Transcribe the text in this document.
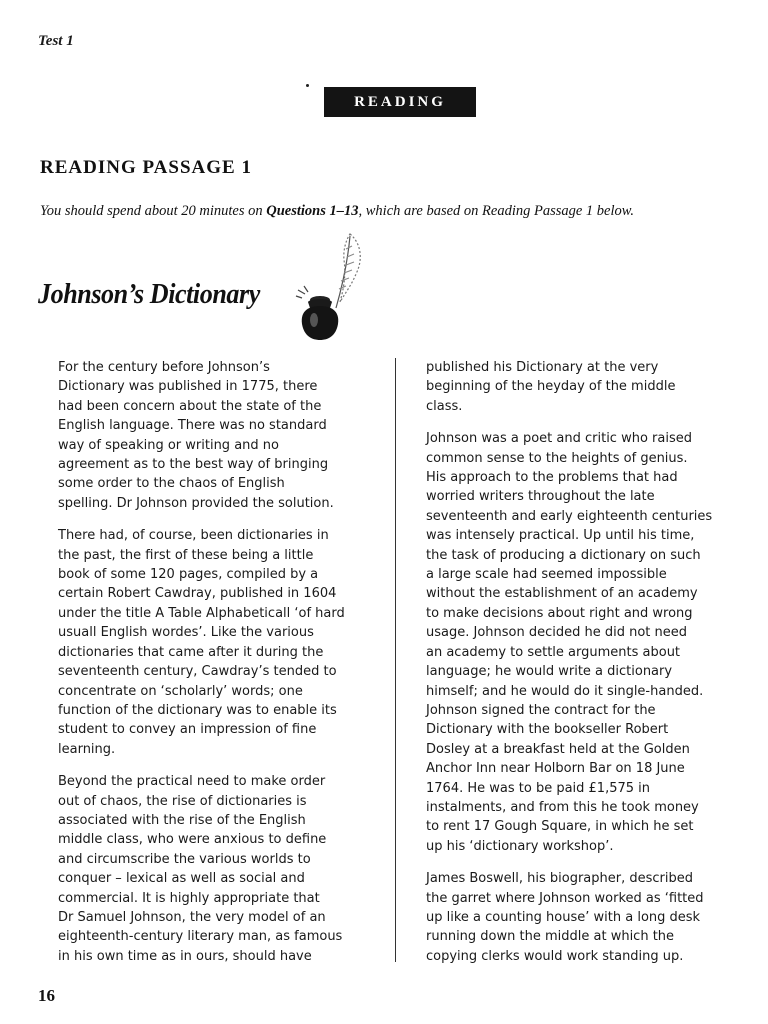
Test 1
READING
READING PASSAGE 1
You should spend about 20 minutes on Questions 1–13, which are based on Reading Passage 1 below.
Johnson’s Dictionary

For the century before Johnson’s
Dictionary was published in 1775, there
had been concern about the state of the
English language. There was no standard
way of speaking or writing and no
agreement as to the best way of bringing
some order to the chaos of English
spelling. Dr Johnson provided the solution.

There had, of course, been dictionaries in
the past, the first of these being a little
book of some 120 pages, compiled by a
certain Robert Cawdray, published in 1604
under the title A Table Alphabeticall ‘of hard
usuall English wordes’. Like the various
dictionaries that came after it during the
seventeenth century, Cawdray’s tended to
concentrate on ‘scholarly’ words; one
function of the dictionary was to enable its
student to convey an impression of fine
learning.

Beyond the practical need to make order
out of chaos, the rise of dictionaries is
associated with the rise of the English
middle class, who were anxious to define
and circumscribe the various worlds to
conquer – lexical as well as social and
commercial. It is highly appropriate that
Dr Samuel Johnson, the very model of an
eighteenth-century literary man, as famous
in his own time as in ours, should have

published his Dictionary at the very
beginning of the heyday of the middle
class.

Johnson was a poet and critic who raised
common sense to the heights of genius.
His approach to the problems that had
worried writers throughout the late
seventeenth and early eighteenth centuries
was intensely practical. Up until his time,
the task of producing a dictionary on such
a large scale had seemed impossible
without the establishment of an academy
to make decisions about right and wrong
usage. Johnson decided he did not need
an academy to settle arguments about
language; he would write a dictionary
himself; and he would do it single-handed.
Johnson signed the contract for the
Dictionary with the bookseller Robert
Dosley at a breakfast held at the Golden
Anchor Inn near Holborn Bar on 18 June
1764. He was to be paid £1,575 in
instalments, and from this he took money
to rent 17 Gough Square, in which he set
up his ‘dictionary workshop’.

James Boswell, his biographer, described
the garret where Johnson worked as ‘fitted
up like a counting house’ with a long desk
running down the middle at which the
copying clerks would work standing up.

16
